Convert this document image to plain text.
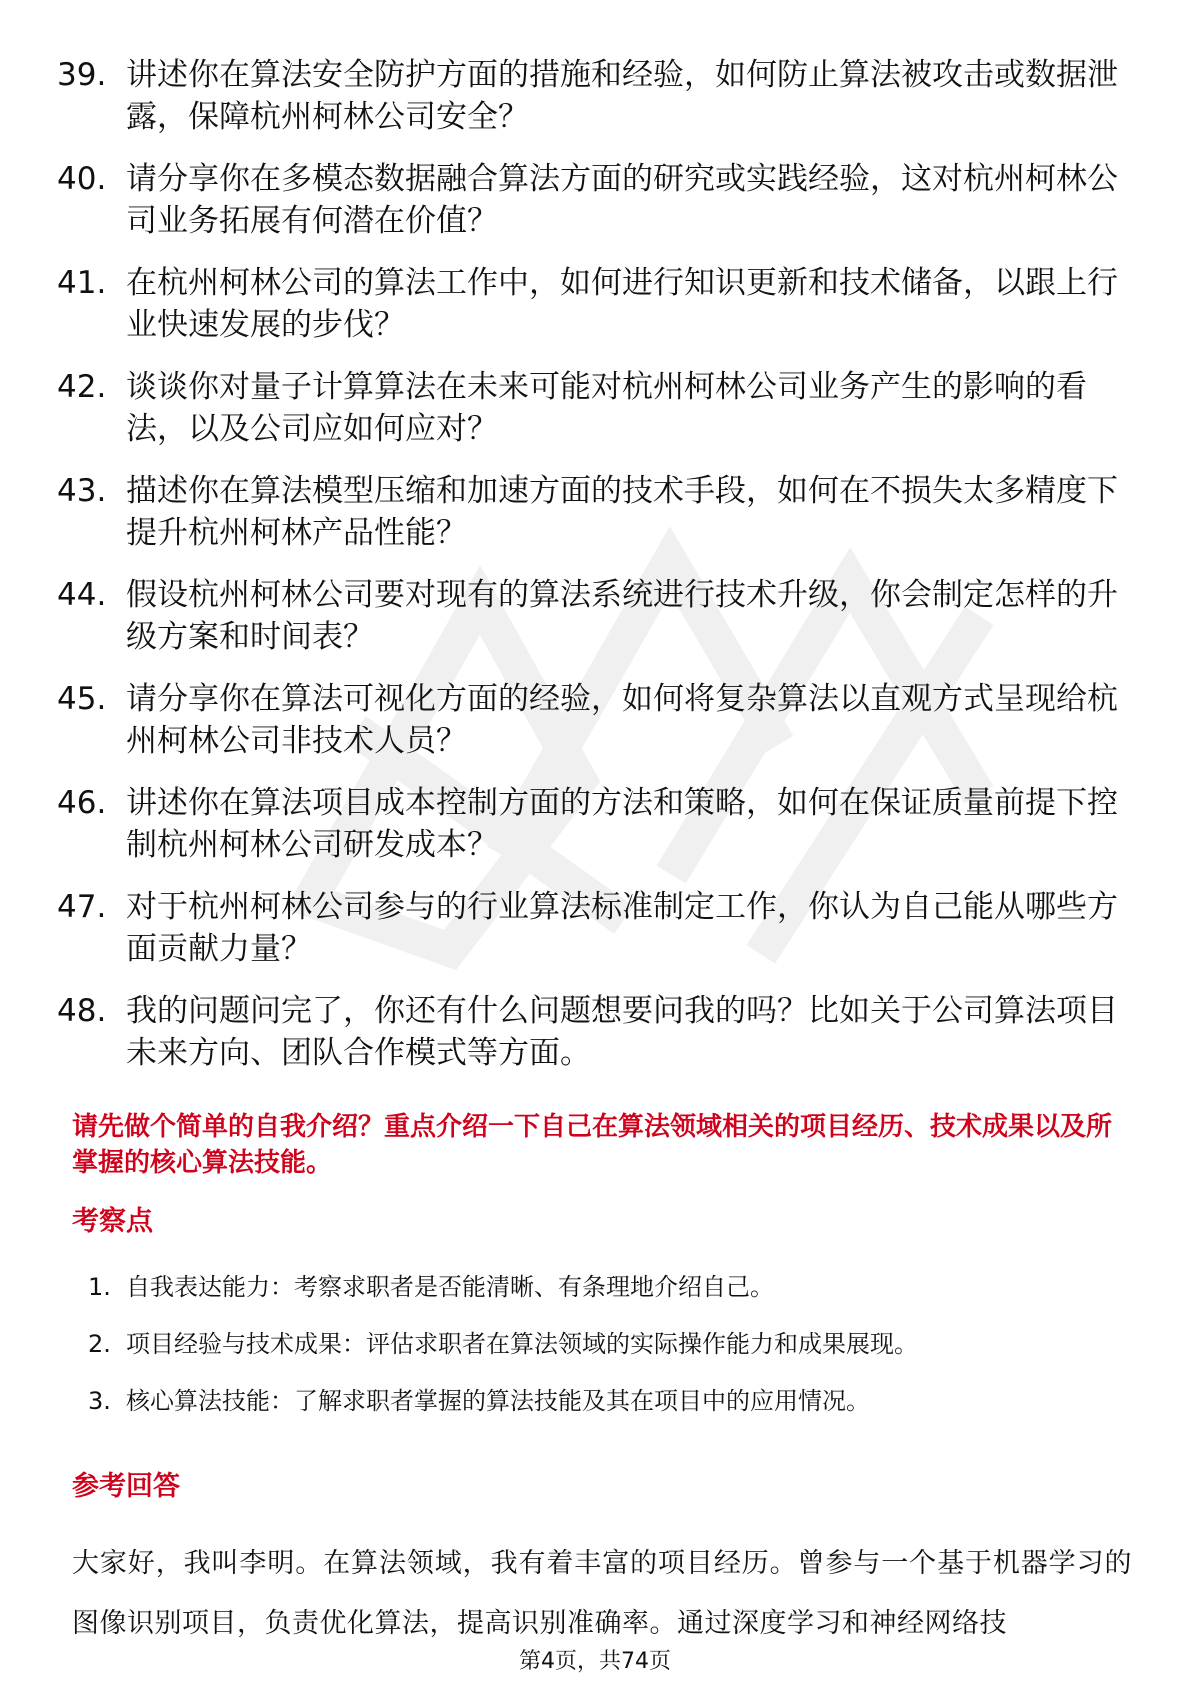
39. 讲述你在算法安全防护方面的措施和经验，如何防止算法被攻击或数据泄露，保障杭州柯林公司安全？
40. 请分享你在多模态数据融合算法方面的研究或实践经验，这对杭州柯林公司业务拓展有何潜在价值？
41. 在杭州柯林公司的算法工作中，如何进行知识更新和技术储备，以跟上行业快速发展的步伐？
42. 谈谈你对量子计算算法在未来可能对杭州柯林公司业务产生的影响的看法，以及公司应如何应对？
43. 描述你在算法模型压缩和加速方面的技术手段，如何在不损失太多精度下提升杭州柯林产品性能？
44. 假设杭州柯林公司要对现有的算法系统进行技术升级，你会制定怎样的升级方案和时间表？
45. 请分享你在算法可视化方面的经验，如何将复杂算法以直观方式呈现给杭州柯林公司非技术人员？
46. 讲述你在算法项目成本控制方面的方法和策略，如何在保证质量前提下控制杭州柯林公司研发成本？
47. 对于杭州柯林公司参与的行业算法标准制定工作，你认为自己能从哪些方面贡献力量？
48. 我的问题问完了，你还有什么问题想要问我的吗？比如关于公司算法项目未来方向、团队合作模式等方面。
请先做个简单的自我介绍？重点介绍一下自己在算法领域相关的项目经历、技术成果以及所掌握的核心算法技能。
考察点
1. 自我表达能力：考察求职者是否能清晰、有条理地介绍自己。
2. 项目经验与技术成果：评估求职者在算法领域的实际操作能力和成果展现。
3. 核心算法技能：了解求职者掌握的算法技能及其在项目中的应用情况。
参考回答
大家好，我叫李明。在算法领域，我有着丰富的项目经历。曾参与一个基于机器学习的图像识别项目，负责优化算法，提高识别准确率。通过深度学习和神经网络技
第4页，共74页
